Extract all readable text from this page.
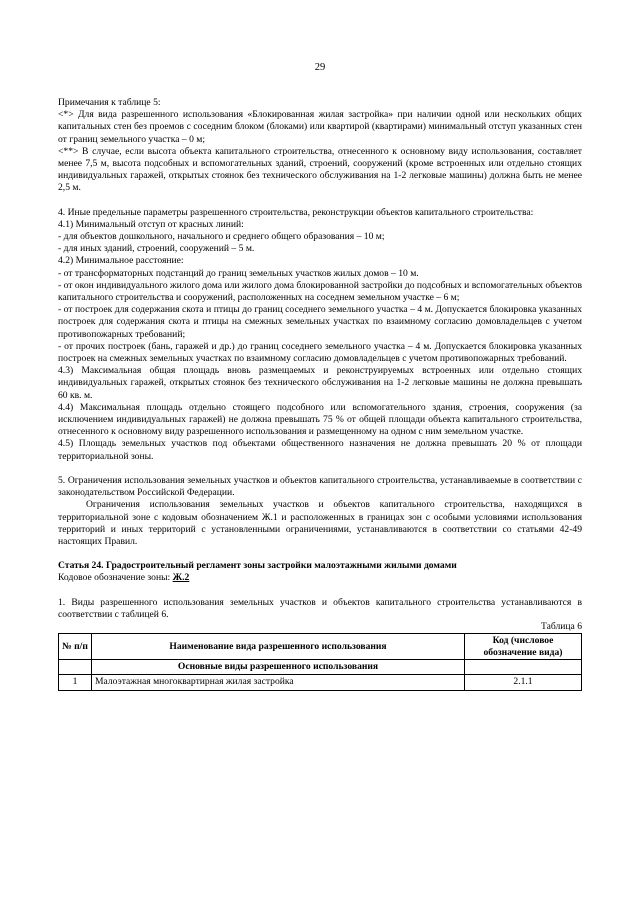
29

Примечания к таблице 5:

<*> Для вида разрешенного использования «Блокированная жилая застройка» при наличии одной или нескольких общих капитальных стен без проемов с соседним блоком (блоками) или квартирой (квартирами) минимальный отступ указанных стен от границ земельного участка – 0 м;

<**> В случае, если высота объекта капитального строительства, отнесенного к основному виду использования, составляет менее 7,5 м, высота подсобных и вспомогательных зданий, строений, сооружений (кроме встроенных или отдельно стоящих индивидуальных гаражей, открытых стоянок без технического обслуживания на 1-2 легковые машины) должна быть не менее 2,5 м.

4. Иные предельные параметры разрешенного строительства, реконструкции объектов капитального строительства:

4.1) Минимальный отступ от красных линий:

- для объектов дошкольного, начального и среднего общего образования – 10 м;

- для иных зданий, строений, сооружений – 5 м.

4.2) Минимальное расстояние:

- от трансформаторных подстанций до границ земельных участков жилых домов – 10 м.

- от окон индивидуального жилого дома или жилого дома блокированной застройки до подсобных и вспомогательных объектов капитального строительства и сооружений, расположенных на соседнем земельном участке – 6 м;

- от построек для содержания скота и птицы до границ соседнего земельного участка – 4 м. Допускается блокировка указанных построек для содержания скота и птицы на смежных земельных участках по взаимному согласию домовладельцев с учетом противопожарных требований;

- от прочих построек (бань, гаражей и др.) до границ соседнего земельного участка – 4 м. Допускается блокировка указанных построек на смежных земельных участках по взаимному согласию домовладельцев с учетом противопожарных требований.

4.3) Максимальная общая площадь вновь размещаемых и реконструируемых встроенных или отдельно стоящих индивидуальных гаражей, открытых стоянок без технического обслуживания на 1-2 легковые машины не должна превышать 60 кв. м.

4.4) Максимальная площадь отдельно стоящего подсобного или вспомогательного здания, строения, сооружения (за исключением индивидуальных гаражей) не должна превышать 75 % от общей площади объекта капитального строительства, отнесенного к основному виду разрешенного использования и размещенному на одном с ним земельном участке.

4.5) Площадь земельных участков под объектами общественного назначения не должна превышать 20 % от площади территориальной зоны.

5. Ограничения использования земельных участков и объектов капитального строительства, устанавливаемые в соответствии с законодательством Российской Федерации.

Ограничения использования земельных участков и объектов капитального строительства, находящихся в территориальной зоне с кодовым обозначением Ж.1 и расположенных в границах зон с особыми условиями использования территорий и иных территорий с установленными ограничениями, устанавливаются в соответствии со статьями 42-49 настоящих Правил.

Статья 24. Градостроительный регламент зоны застройки малоэтажными жилыми домами

Кодовое обозначение зоны: Ж.2

1. Виды разрешенного использования земельных участков и объектов капитального строительства устанавливаются в соответствии с таблицей 6.

Таблица 6

№ п/п	Наименование вида разрешенного использования	Код (числовое обозначение вида)
	Основные виды разрешенного использования	
1	Малоэтажная многоквартирная жилая застройка	2.1.1
